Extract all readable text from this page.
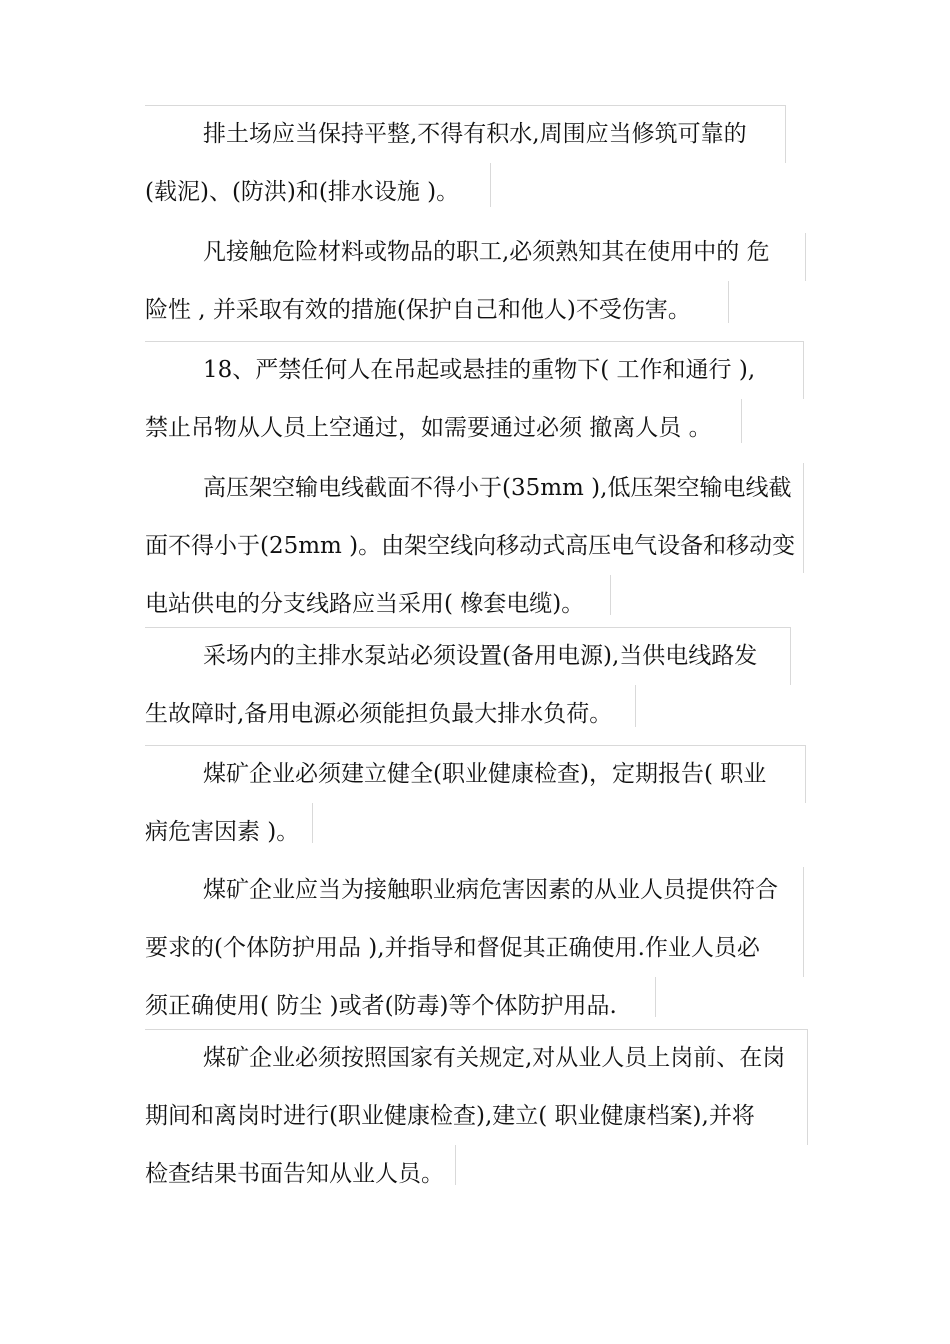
排土场应当保持平整,不得有积水,周围应当修筑可靠的
(载泥)、(防洪)和(排水设施 )。
凡接触危险材料或物品的职工,必须熟知其在使用中的 危
险性 , 并采取有效的措施(保护自己和他人)不受伤害。
18、严禁任何人在吊起或悬挂的重物下( 工作和通行 ),
禁止吊物从人员上空通过，如需要通过必须 撤离人员 。
高压架空输电线截面不得小于(35mm ),低压架空输电线截
面不得小于(25mm )。由架空线向移动式高压电气设备和移动变
电站供电的分支线路应当采用( 橡套电缆)。
采场内的主排水泵站必须设置(备用电源),当供电线路发
生故障时,备用电源必须能担负最大排水负荷。
煤矿企业必须建立健全(职业健康检查)，定期报告( 职业
病危害因素 )。
煤矿企业应当为接触职业病危害因素的从业人员提供符合
要求的(个体防护用品 ),并指导和督促其正确使用.作业人员必
须正确使用( 防尘 )或者(防毒)等个体防护用品.
煤矿企业必须按照国家有关规定,对从业人员上岗前、在岗
期间和离岗时进行(职业健康检查),建立( 职业健康档案),并将
检查结果书面告知从业人员。
